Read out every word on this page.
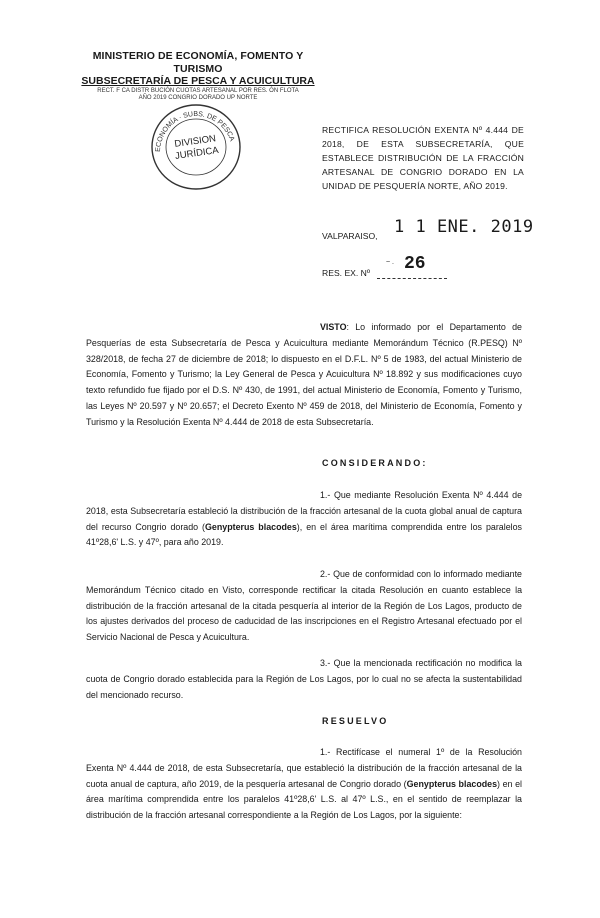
MINISTERIO DE ECONOMÍA, FOMENTO Y TURISMO
SUBSECRETARÍA DE PESCA Y ACUICULTURA
RECT. F CA DISTR BUCIÓN CUOTAS ARTESANAL POR RES. ÓN FLOTA
AÑO 2019 CONGRIO DORADO UP NORTE
ECONOMÍA · SUBS. DE PESCA
DIVISION
JURÍDICA
RECTIFICA RESOLUCIÓN EXENTA Nº 4.444 DE 2018, DE ESTA SUBSECRETARÍA, QUE ESTABLECE DISTRIBUCIÓN DE LA FRACCIÓN ARTESANAL DE CONGRIO DORADO EN LA UNIDAD DE PESQUERÍA NORTE, AÑO 2019.
VALPARAISO, 1 1 ENE. 2019
~ .
RES. EX. Nº 26
VISTO: Lo informado por el Departamento de Pesquerías de esta Subsecretaría de Pesca y Acuicultura mediante Memorándum Técnico (R.PESQ) Nº 328/2018, de fecha 27 de diciembre de 2018; lo dispuesto en el D.F.L. Nº 5 de 1983, del actual Ministerio de Economía, Fomento y Turismo; la Ley General de Pesca y Acuicultura Nº 18.892 y sus modificaciones cuyo texto refundido fue fijado por el D.S. Nº 430, de 1991, del actual Ministerio de Economía, Fomento y Turismo, las Leyes Nº 20.597 y Nº 20.657; el Decreto Exento Nº 459 de 2018, del Ministerio de Economía, Fomento y Turismo y la Resolución Exenta Nº 4.444 de 2018 de esta Subsecretaría.
CONSIDERANDO:
1.- Que mediante Resolución Exenta Nº 4.444 de 2018, esta Subsecretaría estableció la distribución de la fracción artesanal de la cuota global anual de captura del recurso Congrio dorado (Genypterus blacodes), en el área marítima comprendida entre los paralelos 41º28,6' L.S. y 47º, para año 2019.
2.- Que de conformidad con lo informado mediante Memorándum Técnico citado en Visto, corresponde rectificar la citada Resolución en cuanto establece la distribución de la fracción artesanal de la citada pesquería al interior de la Región de Los Lagos, producto de los ajustes derivados del proceso de caducidad de las inscripciones en el Registro Artesanal efectuado por el Servicio Nacional de Pesca y Acuicultura.
3.- Que la mencionada rectificación no modifica la cuota de Congrio dorado establecida para la Región de Los Lagos, por lo cual no se afecta la sustentabilidad del mencionado recurso.
RESUELVO
1.- Rectifícase el numeral 1º de la Resolución Exenta Nº 4.444 de 2018, de esta Subsecretaría, que estableció la distribución de la fracción artesanal de la cuota anual de captura, año 2019, de la pesquería artesanal de Congrio dorado (Genypterus blacodes) en el área marítima comprendida entre los paralelos 41º28,6' L.S. al 47º L.S., en el sentido de reemplazar la distribución de la fracción artesanal correspondiente a la Región de Los Lagos, por la siguiente:
